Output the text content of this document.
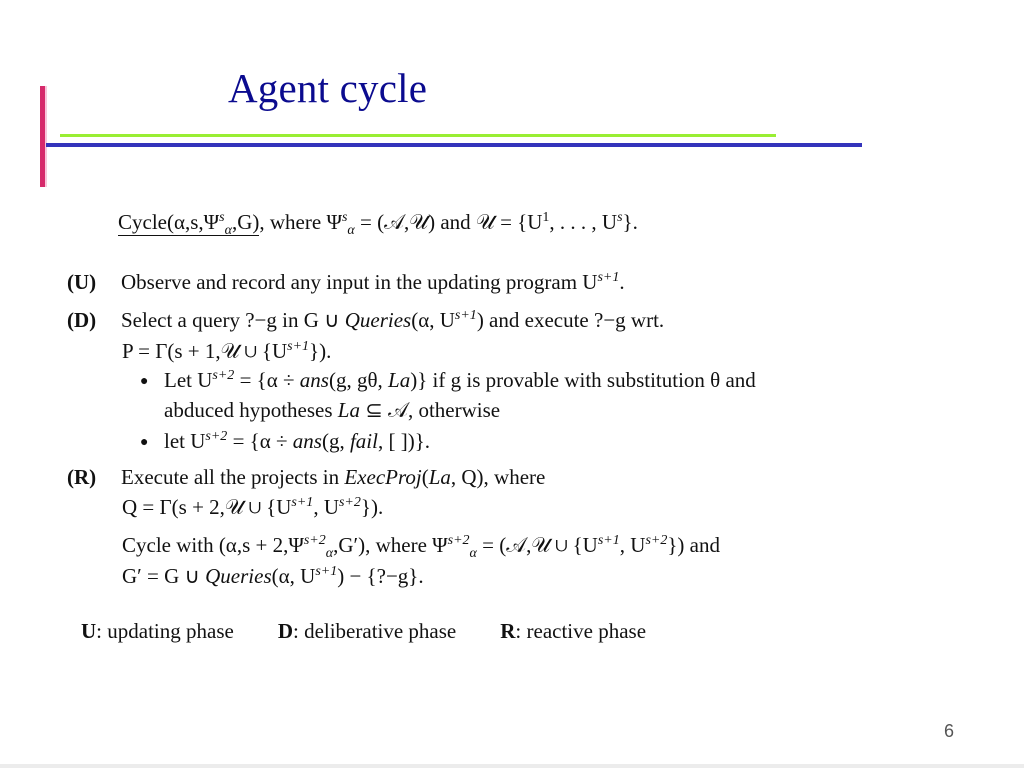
Agent cycle
$Cycle(\alpha,s,\Psi^s_\alpha,G)$, where $\Psi^s_\alpha$ = (𝒜,𝒰) and 𝒰 = {$U^1$, . . . , $U^s$}.
(U) Observe and record any input in the updating program $U^{s+1}$.
(D) Select a query ?−g in G ∪ Queries(α, $U^{s+1}$) and execute ?−g wrt.
P = Γ(s + 1,𝒰 ∪ $\{U^{s+1}\}$).
● Let $U^{s+2} = \{\alpha \div ans(g$, gθ, La)} if g is provable with substitution θ and
abduced hypotheses La ⊆ 𝒜, otherwise
● let $U^{s+2} = \{\alpha \div ans(g$, fail, [ ])}.
(R) Execute all the projects in ExecProj(La, Q), where
Q = Γ(s + 2,𝒰 ∪ {$U^{s+1}$, $U^{s+2}$}).
Cycle with $(\alpha,s + 2,\Psi^{s+2}_\alpha,G')$, where $\Psi^{s+2}_\alpha$ = (𝒜,𝒰 ∪ {$U^{s+1}$, $U^{s+2}$}) and
G′ = G ∪ Queries(α, $U^{s+1}$) − {?−g}.
U: updating phase D: deliberative phase R: reactive phase
6
